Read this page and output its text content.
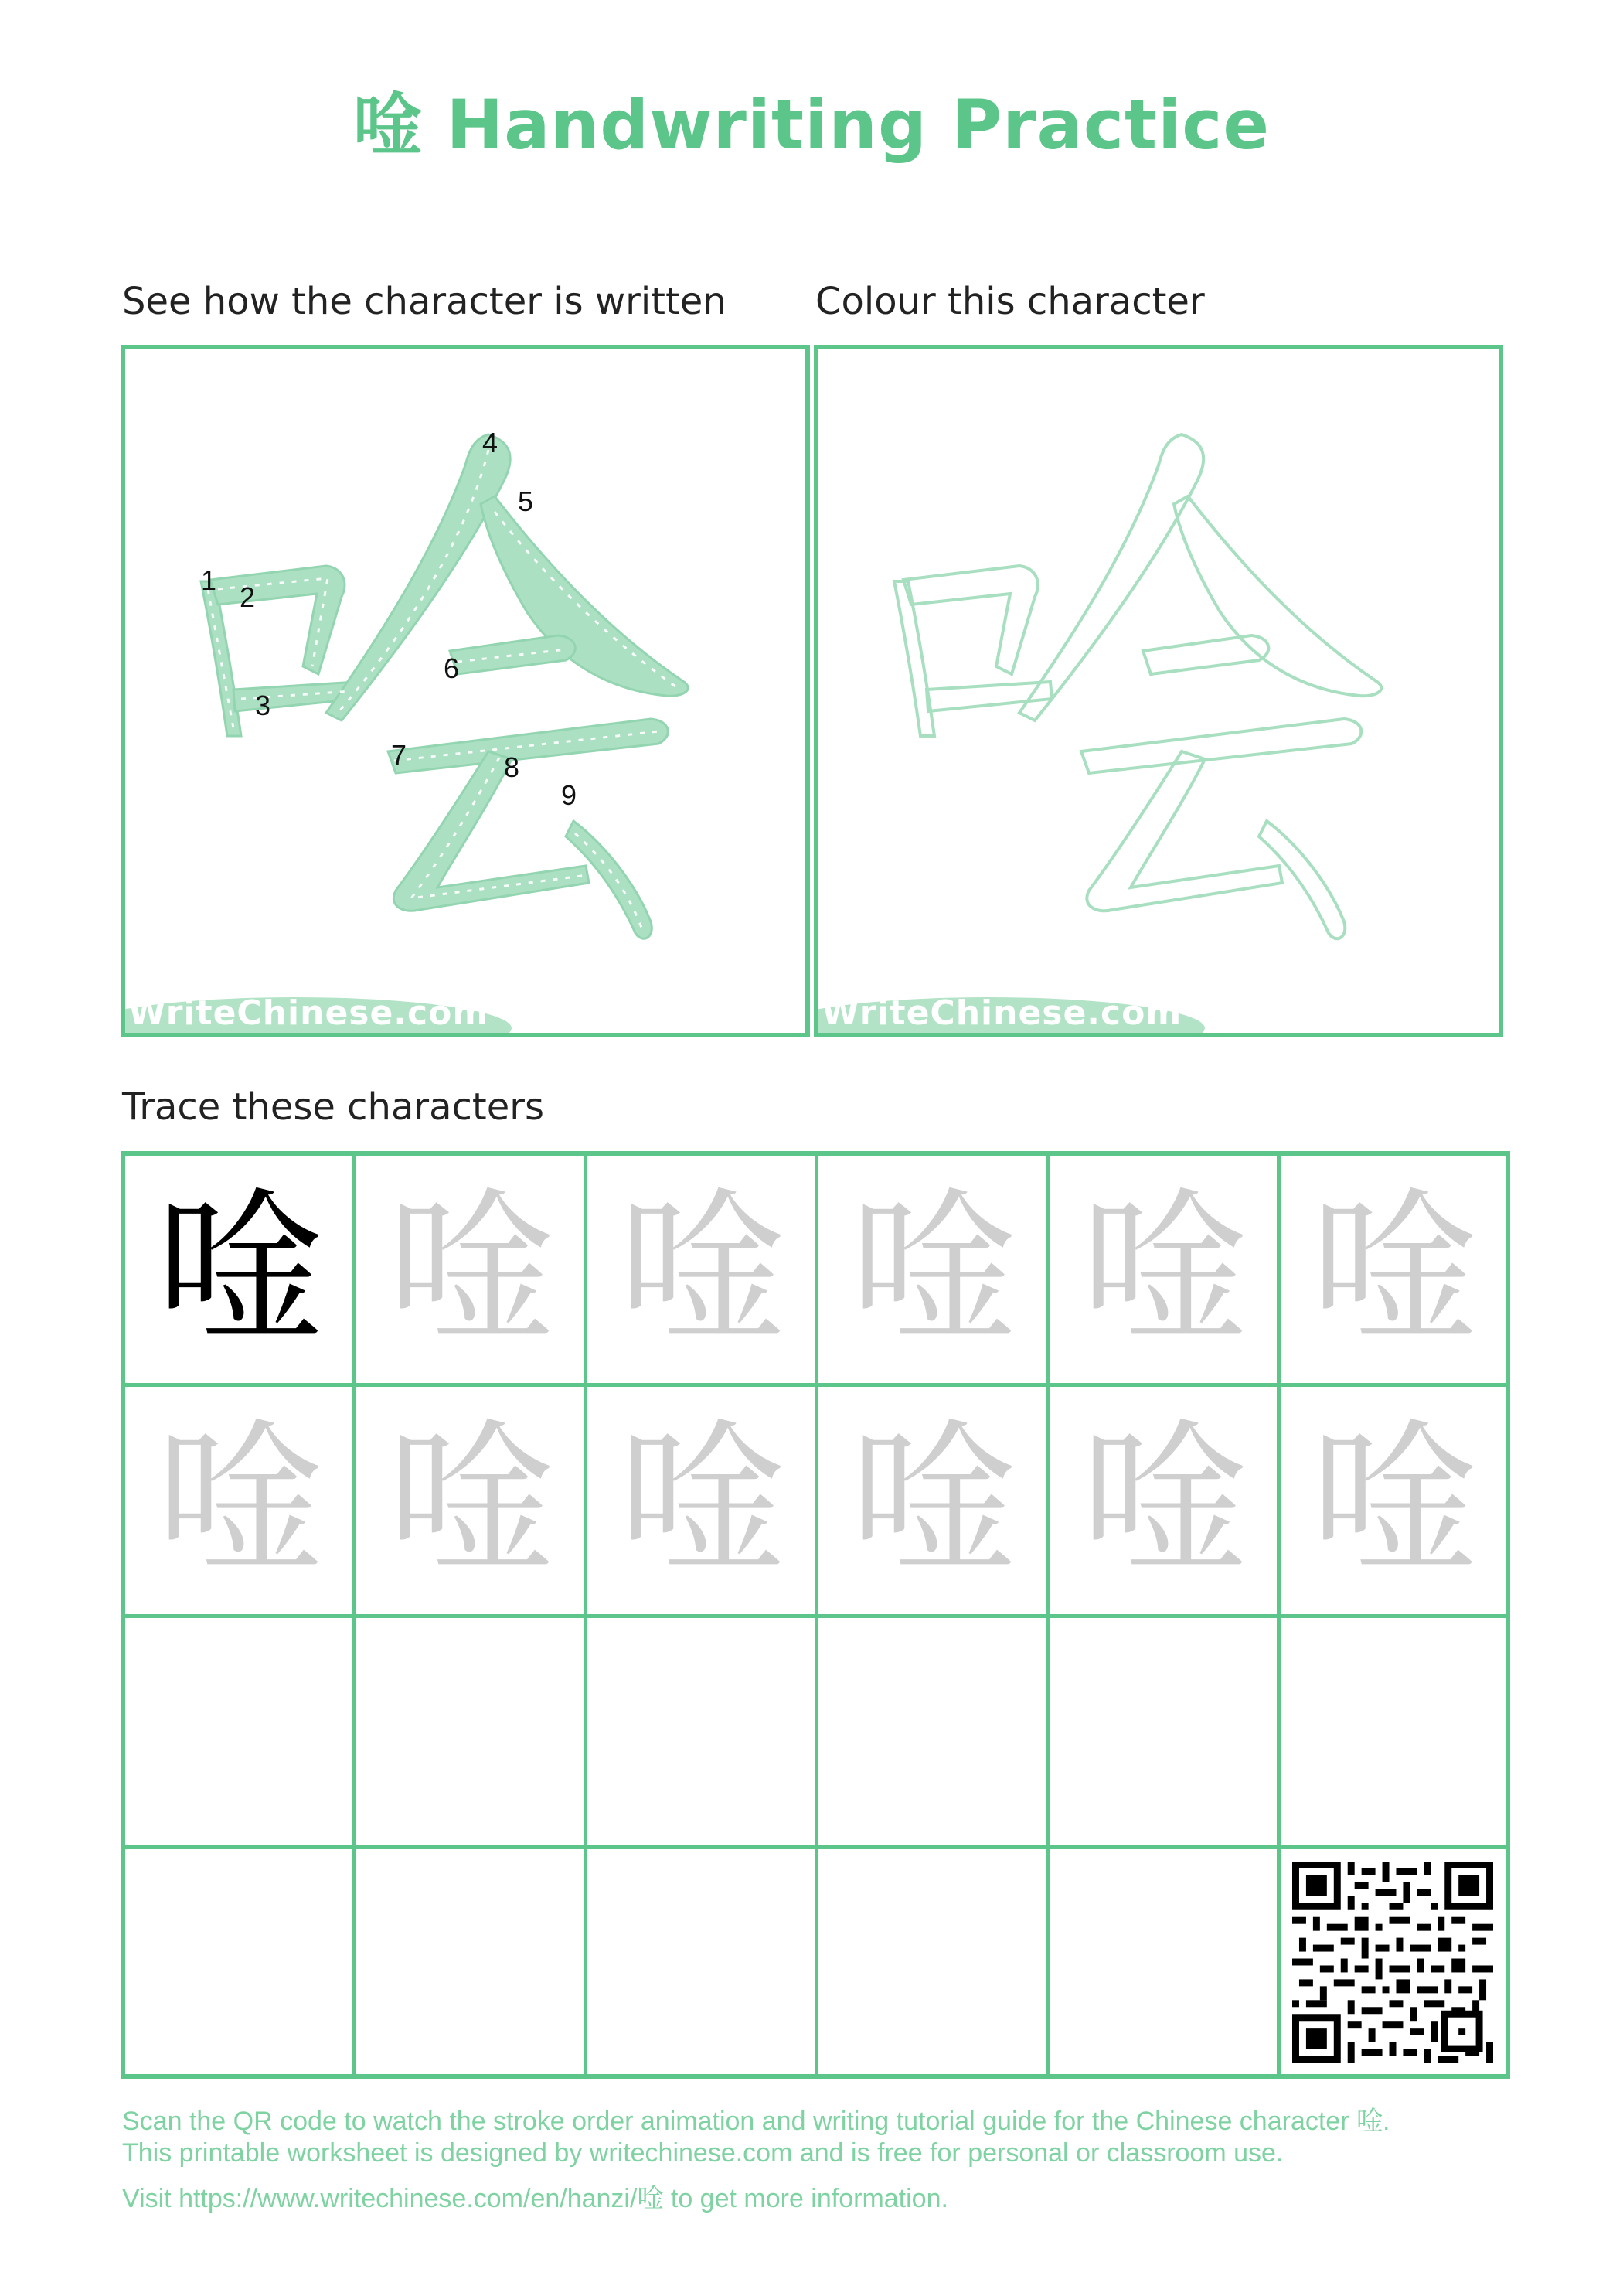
唫 Handwriting Practice
See how the character is written Colour this character
1
2
3
4
5
6
7	8
9
WriteChinese.com	WriteChinese.com
Trace these characters
唫 唫 唫 唫 唫 唫
唫 唫 唫 唫 唫 唫
Scan the QR code to watch the stroke order animation and writing tutorial guide for the Chinese character 唫.
This printable worksheet is designed by writechinese.com and is free for personal or classroom use.
Visit https://www.writechinese.com/en/hanzi/唫 to get more information.
